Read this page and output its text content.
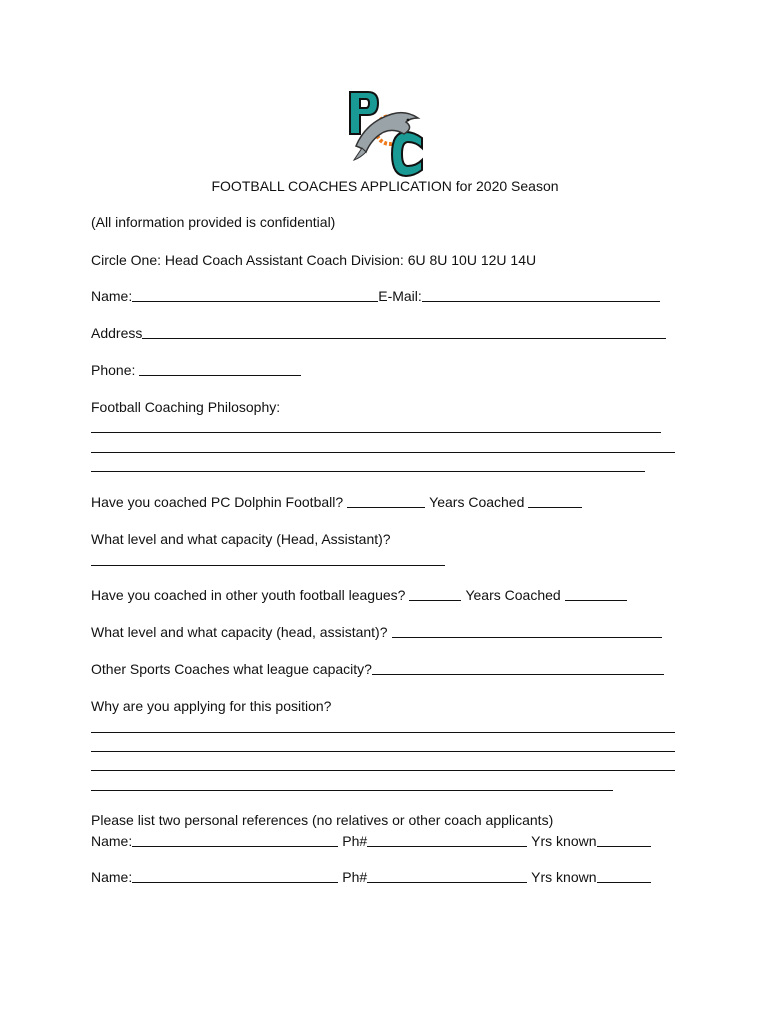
FOOTBALL COACHES APPLICATION for 2020 Season
(All information provided is confidential)
Circle One: Head Coach Assistant Coach Division: 6U 8U 10U 12U 14U
Name:	E-Mail:
Address
Phone:
Football Coaching Philosophy:
Have you coached PC Dolphin Football?	Years Coached
What level and what capacity (Head, Assistant)?
Have you coached in other youth football leagues?	Years Coached
What level and what capacity (head, assistant)?
Other Sports Coaches what league capacity?
Why are you applying for this position?
Please list two personal references (no relatives or other coach applicants)
Name:	Ph#	Yrs known
Name:	Ph#	Yrs known
